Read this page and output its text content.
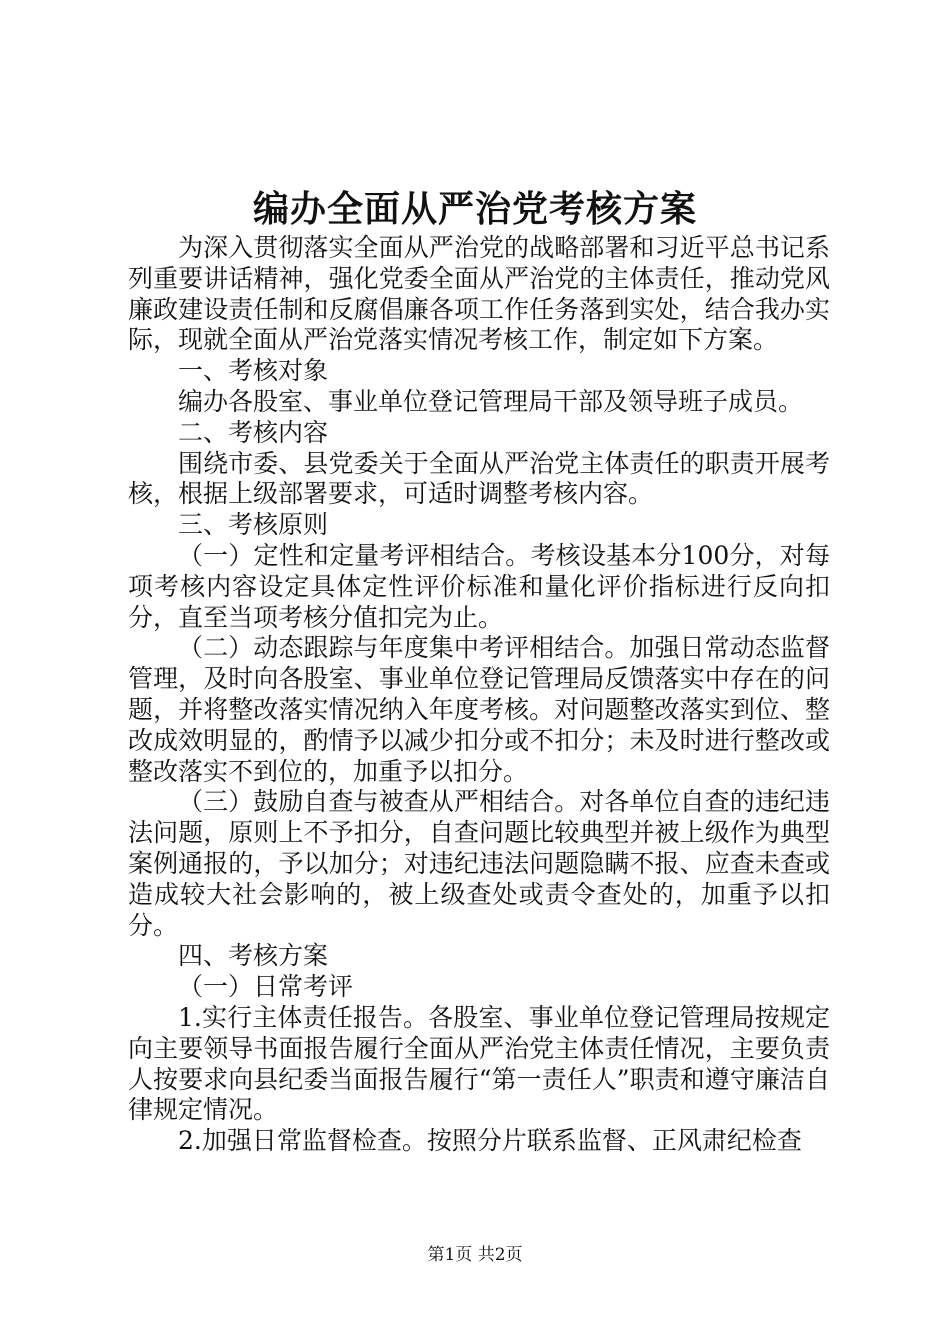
编办全面从严治党考核方案

为深入贯彻落实全面从严治党的战略部署和习近平总书记系列重要讲话精神，强化党委全面从严治党的主体责任，推动党风廉政建设责任制和反腐倡廉各项工作任务落到实处，结合我办实际，现就全面从严治党落实情况考核工作，制定如下方案。

一、考核对象

编办各股室、事业单位登记管理局干部及领导班子成员。

二、考核内容

围绕市委、县党委关于全面从严治党主体责任的职责开展考核，根据上级部署要求，可适时调整考核内容。

三、考核原则

（一）定性和定量考评相结合。考核设基本分100分，对每项考核内容设定具体定性评价标准和量化评价指标进行反向扣分，直至当项考核分值扣完为止。

（二）动态跟踪与年度集中考评相结合。加强日常动态监督管理，及时向各股室、事业单位登记管理局反馈落实中存在的问题，并将整改落实情况纳入年度考核。对问题整改落实到位、整改成效明显的，酌情予以减少扣分或不扣分；未及时进行整改或整改落实不到位的，加重予以扣分。

（三）鼓励自查与被查从严相结合。对各单位自查的违纪违法问题，原则上不予扣分，自查问题比较典型并被上级作为典型案例通报的，予以加分；对违纪违法问题隐瞒不报、应查未查或造成较大社会影响的，被上级查处或责令查处的，加重予以扣分。

四、考核方案

（一）日常考评

1.实行主体责任报告。各股室、事业单位登记管理局按规定向主要领导书面报告履行全面从严治党主体责任情况，主要负责人按要求向县纪委当面报告履行“第一责任人”职责和遵守廉洁自律规定情况。

2.加强日常监督检查。按照分片联系监督、正风肃纪检查

第1页 共2页
